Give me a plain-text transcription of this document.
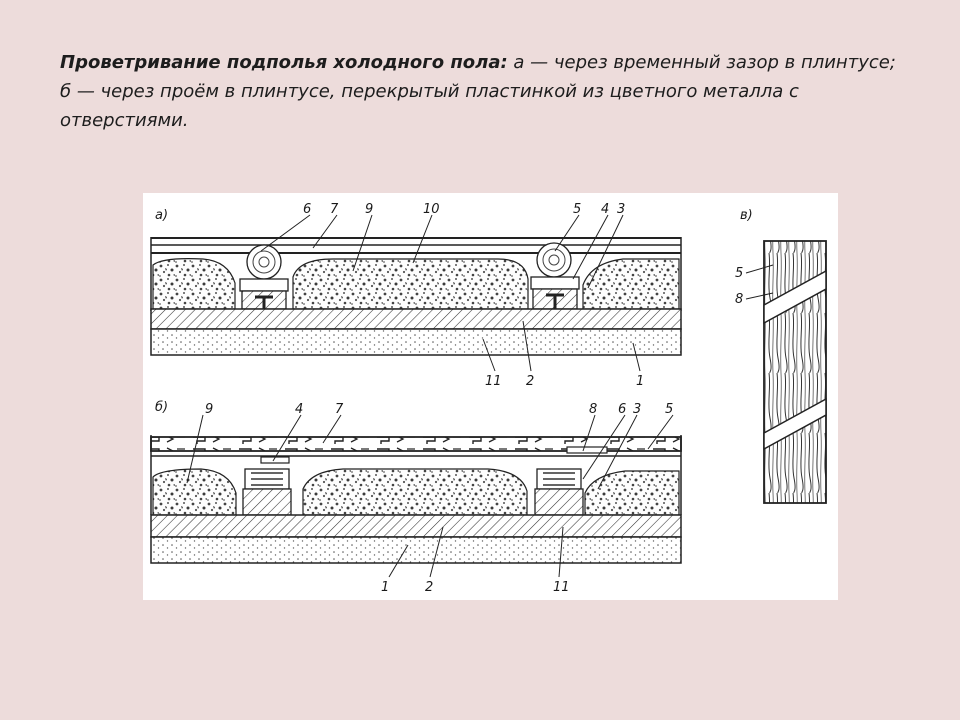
Проветривание подполья холодного пола: а — через временный зазор в плинтусе; б — через проём в плинтусе, перекрытый пластинкой из цветного металла с отверстиями.

а)	6 7 9	10	5 4 3
11 2	1
б)	9	4 7	8 6 3 5
1	2	11
в)
5
8
